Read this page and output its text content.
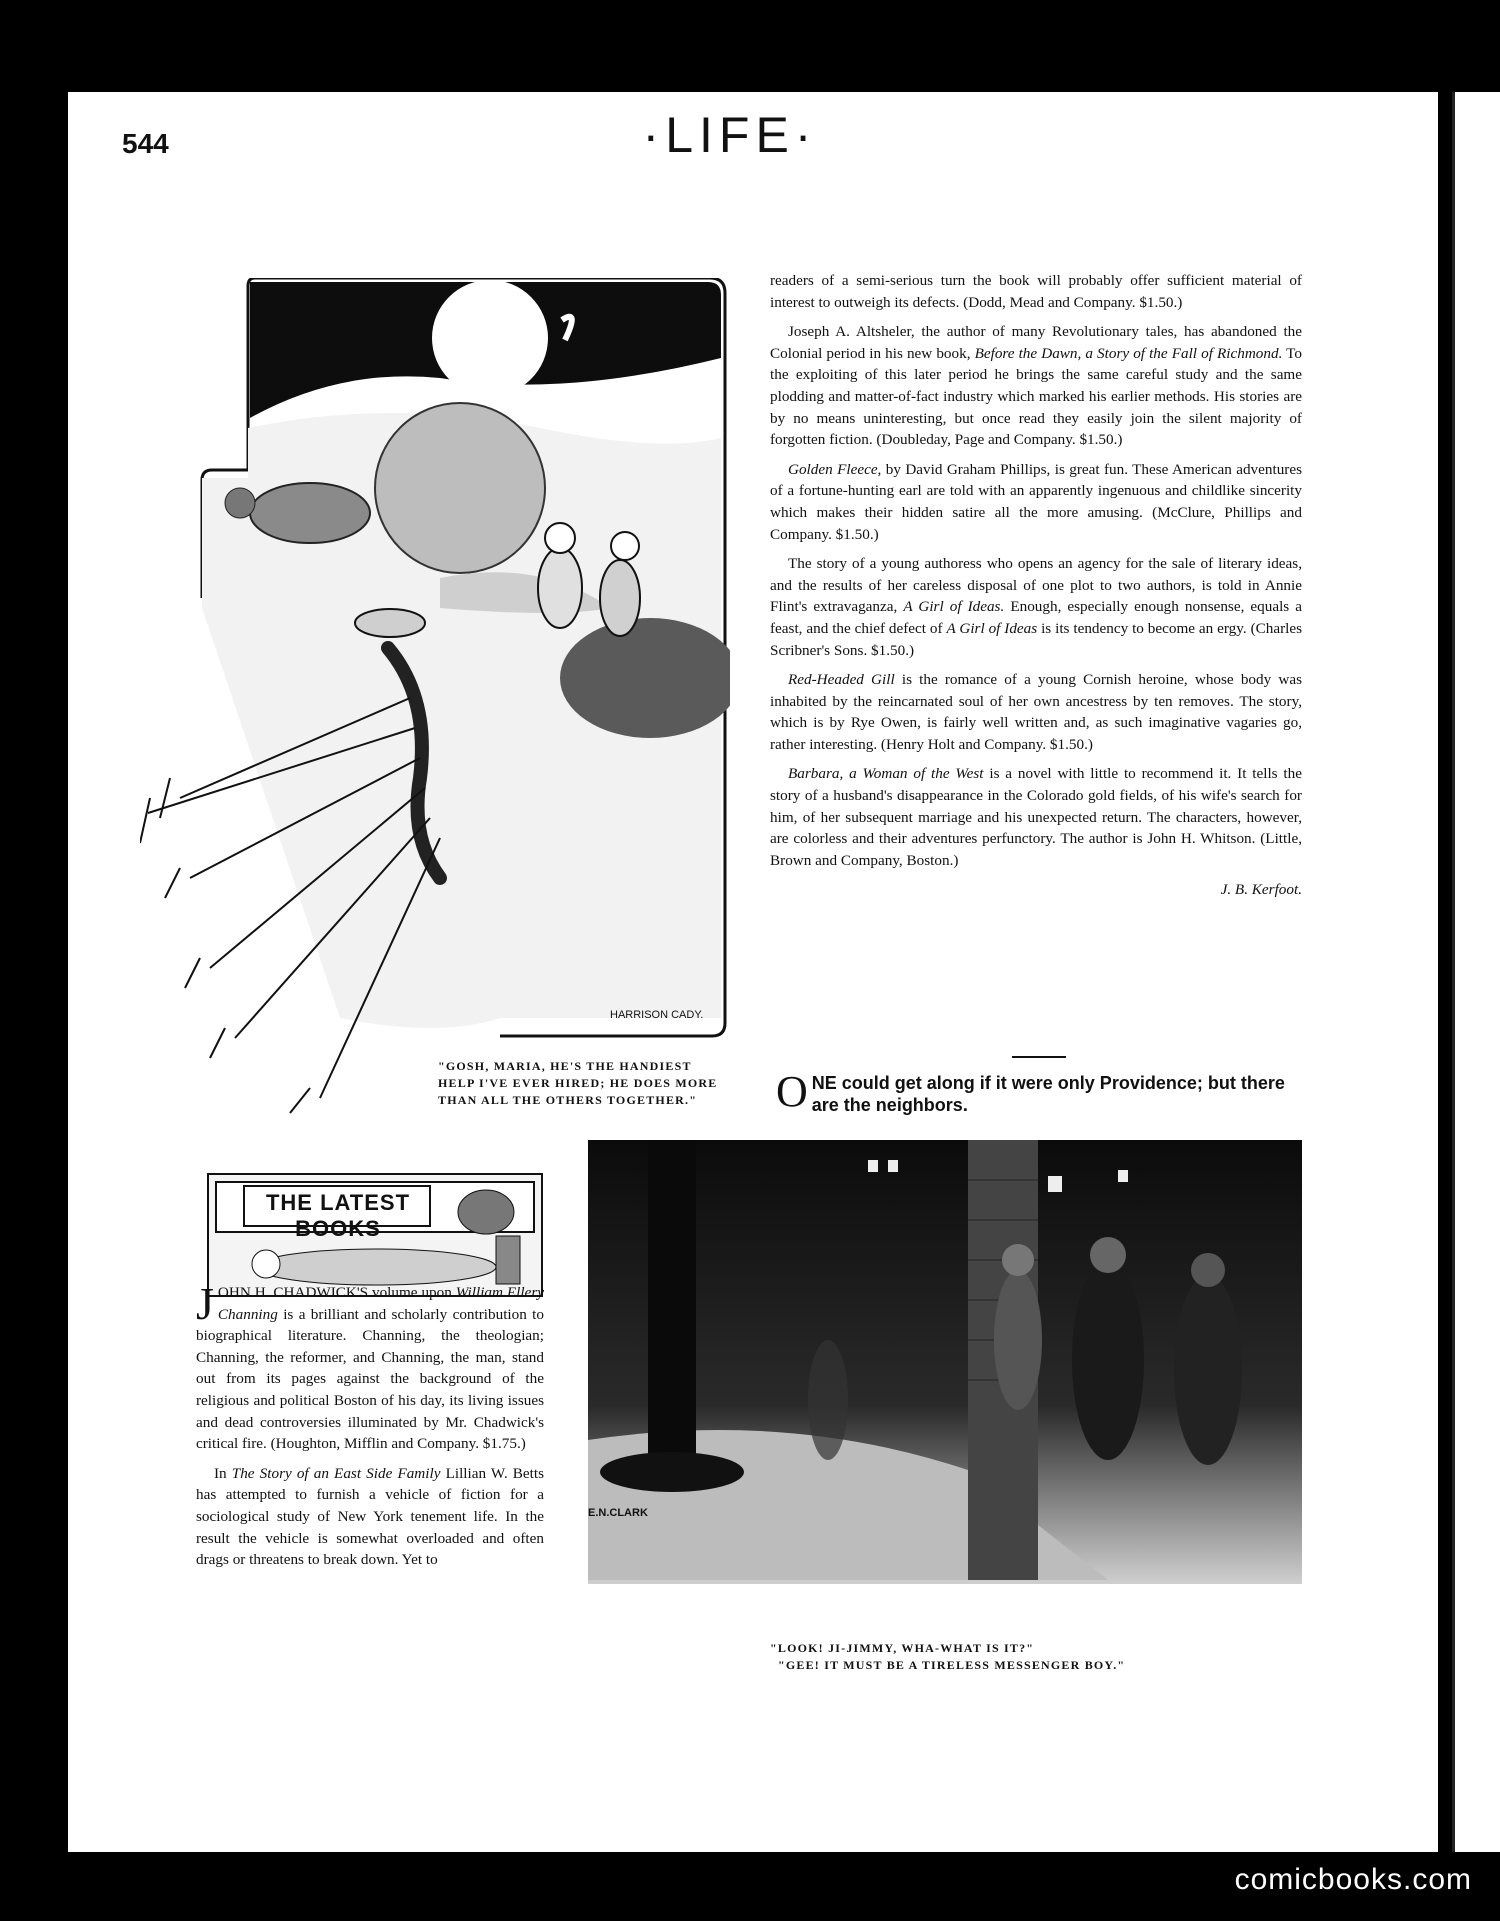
544	·LIFE·
HARRISON CADY.
"GOSH, MARIA, HE'S THE HANDIEST
HELP I'VE EVER HIRED; HE DOES MORE
THAN ALL THE OTHERS TOGETHER."

readers of a semi-serious turn the book will probably offer sufficient material of interest to outweigh its defects. (Dodd, Mead and Company. $1.50.)

Joseph A. Altsheler, the author of many Revolutionary tales, has abandoned the Colonial period in his new book, Before the Dawn, a Story of the Fall of Richmond. To the exploiting of this later period he brings the same careful study and the same plodding and matter-of-fact industry which marked his earlier methods. His stories are by no means uninteresting, but once read they easily join the silent majority of forgotten fiction. (Doubleday, Page and Company. $1.50.)

Golden Fleece, by David Graham Phillips, is great fun. These American adventures of a fortune-hunting earl are told with an apparently ingenuous and childlike sincerity which makes their hidden satire all the more amusing. (McClure, Phillips and Company. $1.50.)

The story of a young authoress who opens an agency for the sale of literary ideas, and the results of her careless disposal of one plot to two authors, is told in Annie Flint's extravaganza, A Girl of Ideas. Enough, especially enough nonsense, equals a feast, and the chief defect of A Girl of Ideas is its tendency to become an ergy. (Charles Scribner's Sons. $1.50.)

Red-Headed Gill is the romance of a young Cornish heroine, whose body was inhabited by the reincarnated soul of her own ancestress by ten removes. The story, which is by Rye Owen, is fairly well written and, as such imaginative vagaries go, rather interesting. (Henry Holt and Company. $1.50.)

Barbara, a Woman of the West is a novel with little to recommend it. It tells the story of a husband's disappearance in the Colorado gold fields, of his wife's search for him, of her subsequent marriage and his unexpected return. The characters, however, are colorless and their adventures perfunctory. The author is John H. Whitson. (Little, Brown and Company, Boston.)

J. B. Kerfoot.

O NE could get along if it were only Providence; but there are the neighbors.
THE LATEST BOOKS

JOHN H. CHADWICK'S volume upon William Ellery Channing is a brilliant and scholarly contribution to biographical literature. Channing, the theologian; Channing, the reformer, and Channing, the man, stand out from its pages against the background of the religious and political Boston of his day, its living issues and dead controversies illuminated by Mr. Chadwick's critical fire. (Houghton, Mifflin and Company. $1.75.)

In The Story of an East Side Family Lillian W. Betts has attempted to furnish a vehicle of fiction for a sociological study of New York tenement life. In the result the vehicle is somewhat overloaded and often drags or threatens to break down. Yet to

E.N.CLARK
"LOOK! JI-JIMMY, WHA-WHAT IS IT?"
"GEE! IT MUST BE A TIRELESS MESSENGER BOY."
comicbooks.com
